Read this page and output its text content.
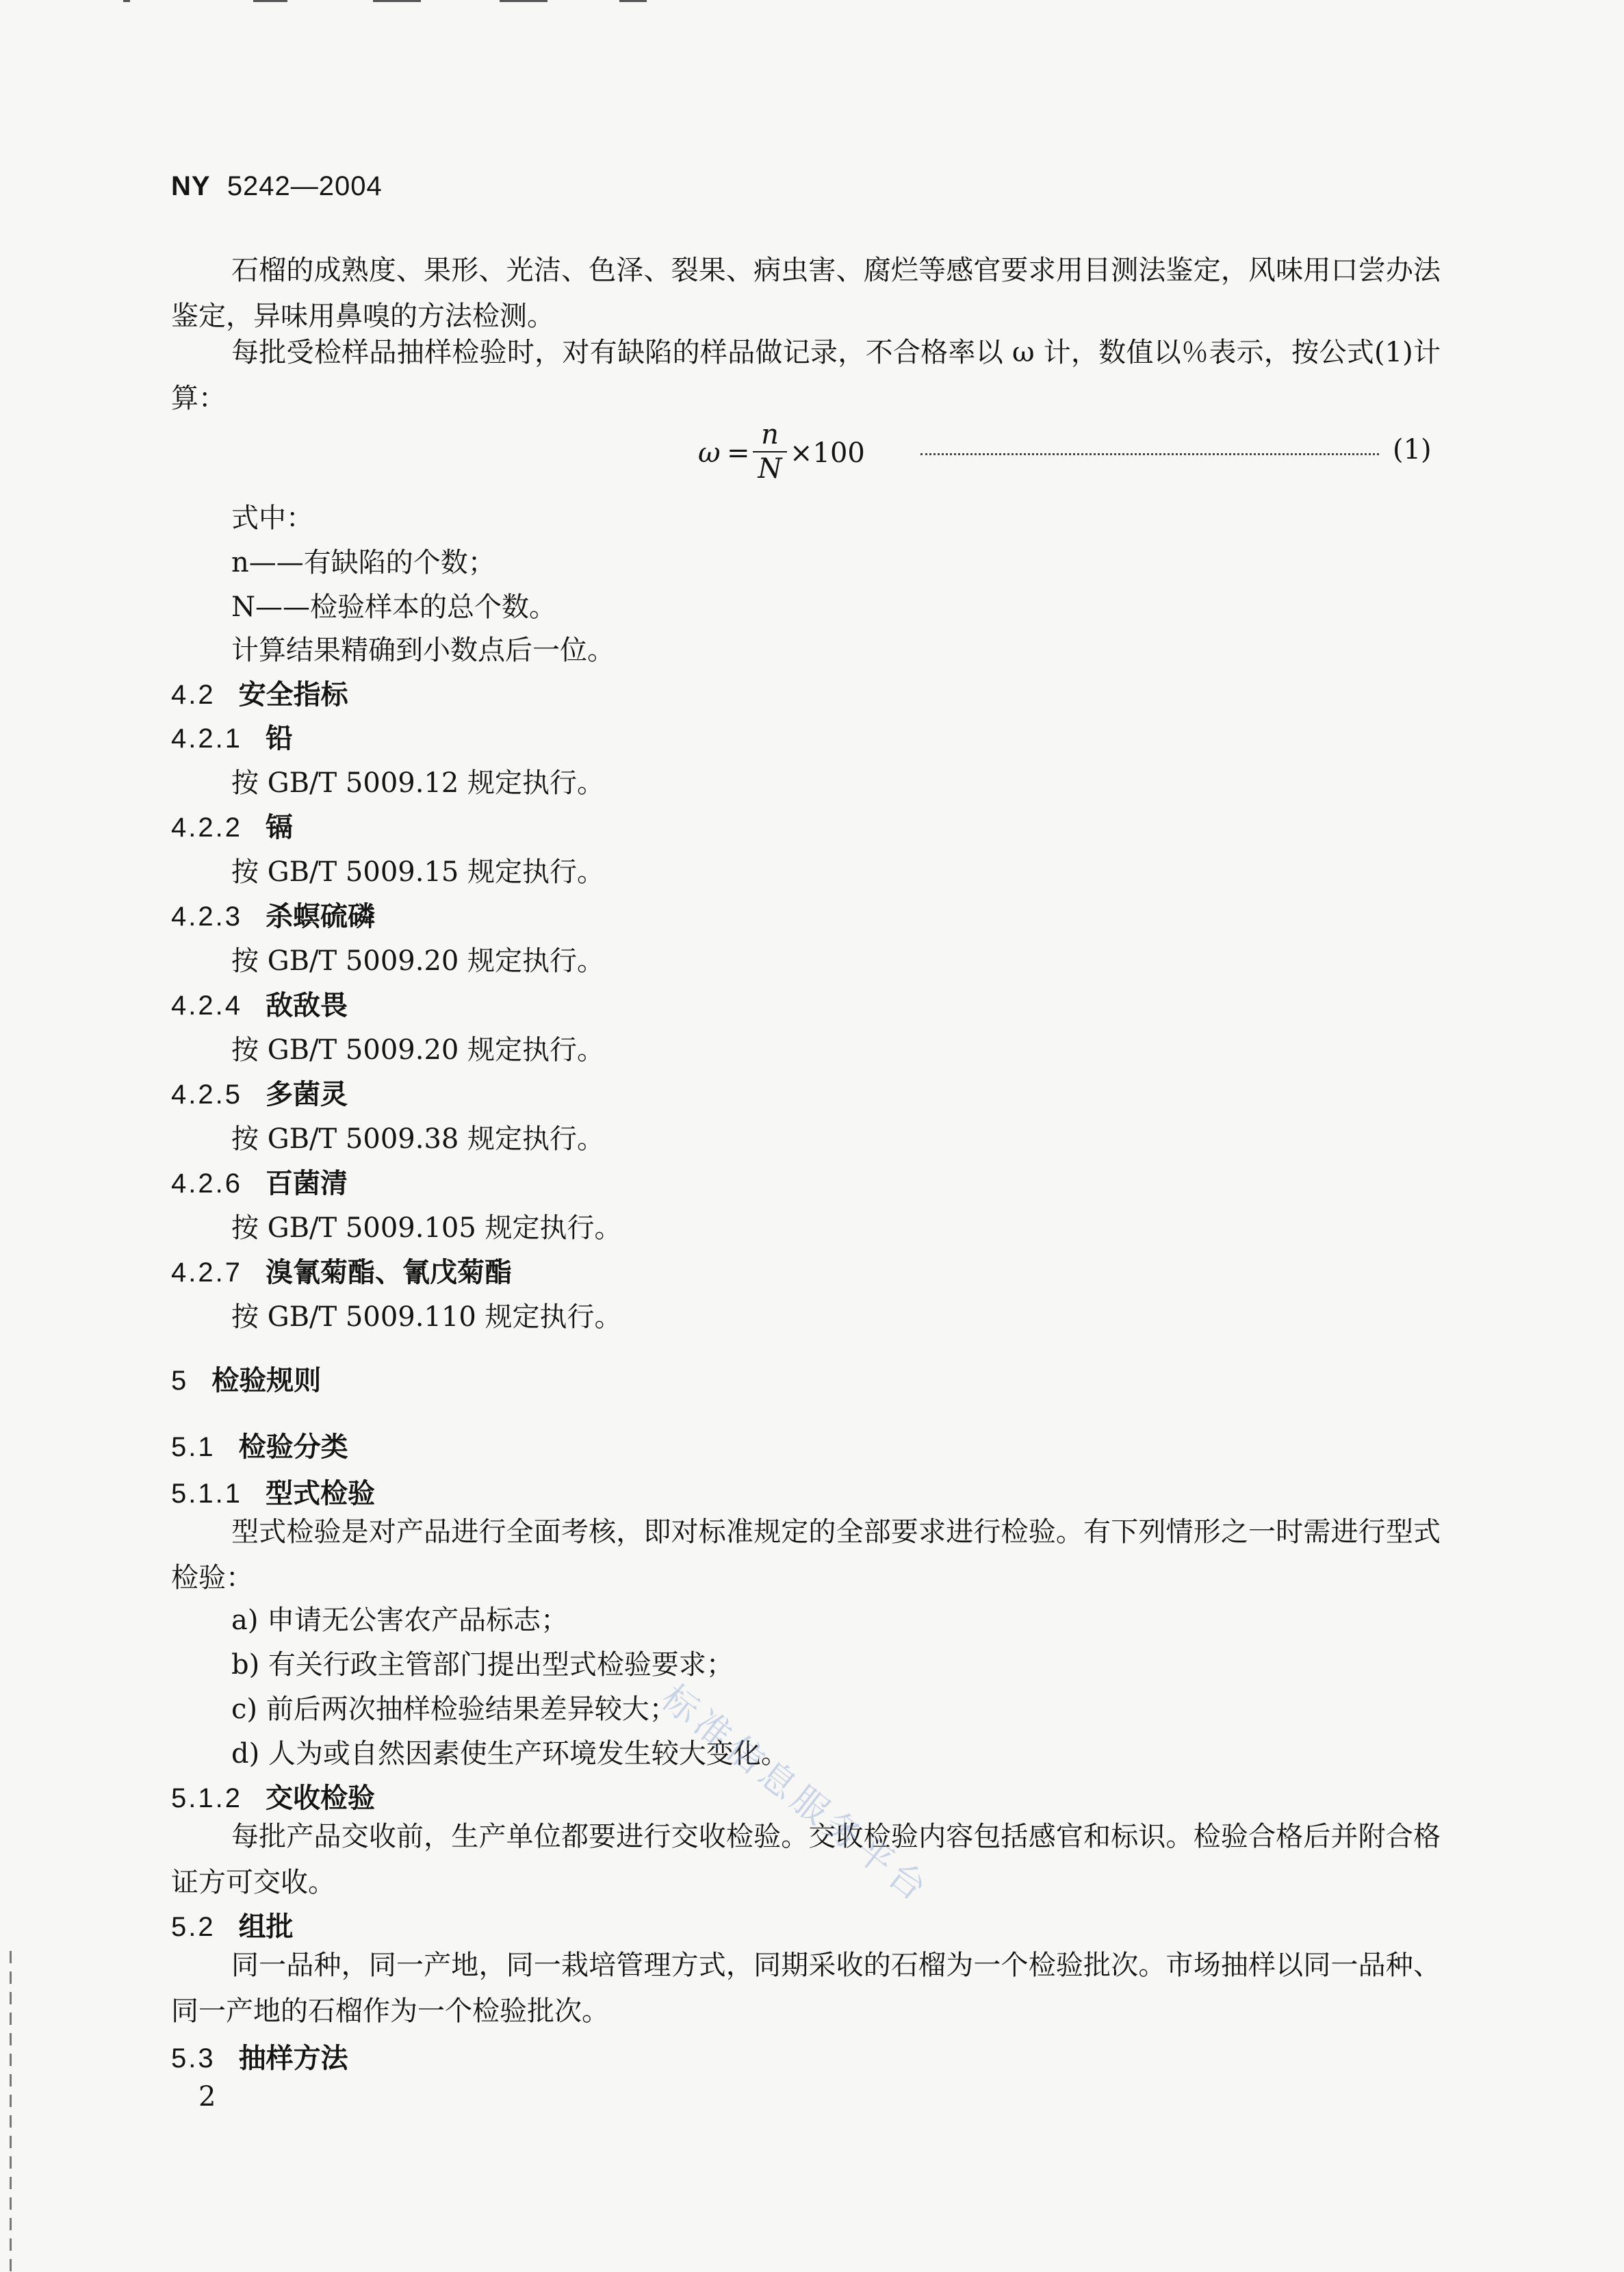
NY 5242—2004
石榴的成熟度、果形、光洁、色泽、裂果、病虫害、腐烂等感官要求用目测法鉴定，风味用口尝办法鉴定，异味用鼻嗅的方法检测。
每批受检样品抽样检验时，对有缺陷的样品做记录，不合格率以 ω 计，数值以％表示，按公式(1)计算：
ω =
n
N ×100	(1)
式中：
n——有缺陷的个数；
N——检验样本的总个数。
计算结果精确到小数点后一位。
4.2 安全指标
4.2.1 铅
按 GB/T 5009.12 规定执行。
4.2.2 镉
按 GB/T 5009.15 规定执行。
4.2.3 杀螟硫磷
按 GB/T 5009.20 规定执行。
4.2.4 敌敌畏
按 GB/T 5009.20 规定执行。
4.2.5 多菌灵
按 GB/T 5009.38 规定执行。
4.2.6 百菌清
按 GB/T 5009.105 规定执行。
4.2.7 溴氰菊酯、氰戊菊酯
按 GB/T 5009.110 规定执行。
5 检验规则
5.1 检验分类
5.1.1 型式检验
型式检验是对产品进行全面考核，即对标准规定的全部要求进行检验。有下列情形之一时需进行型式检验：
a) 申请无公害农产品标志；
b) 有关行政主管部门提出型式检验要求；
c) 前后两次抽样检验结果差异较大；
d) 人为或自然因素使生产环境发生较大变化。
5.1.2 交收检验
每批产品交收前，生产单位都要进行交收检验。交收检验内容包括感官和标识。检验合格后并附合格证方可交收。
5.2 组批
同一品种，同一产地，同一栽培管理方式，同期采收的石榴为一个检验批次。市场抽样以同一品种、同一产地的石榴作为一个检验批次。
5.3 抽样方法
标准信息服务平台
2
